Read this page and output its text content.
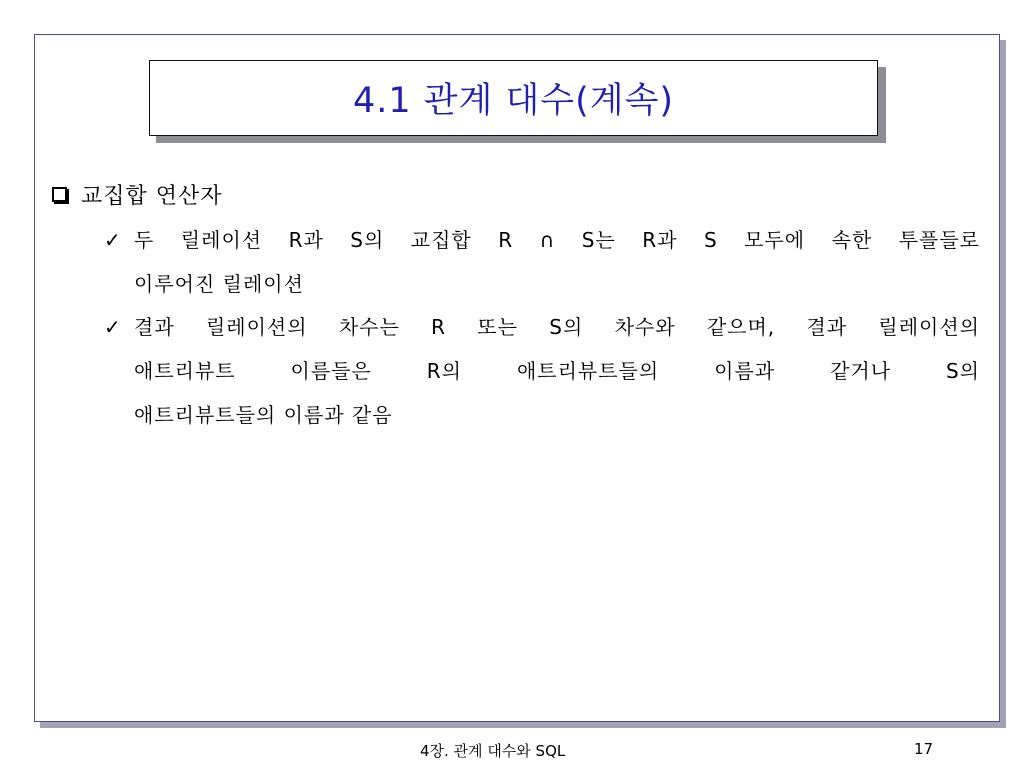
4.1 관계 대수(계속)
교집합 연산자
✓ 두 릴레이션 R과 S의 교집합 R ∩ S는 R과 S 모두에 속한 투플들로
이루어진 릴레이션
✓ 결과 릴레이션의 차수는 R 또는 S의 차수와 같으며, 결과 릴레이션의
애트리뷰트 이름들은 R의 애트리뷰트들의 이름과 같거나 S의
애트리뷰트들의 이름과 같음
4장. 관계 대수와 SQL	17
